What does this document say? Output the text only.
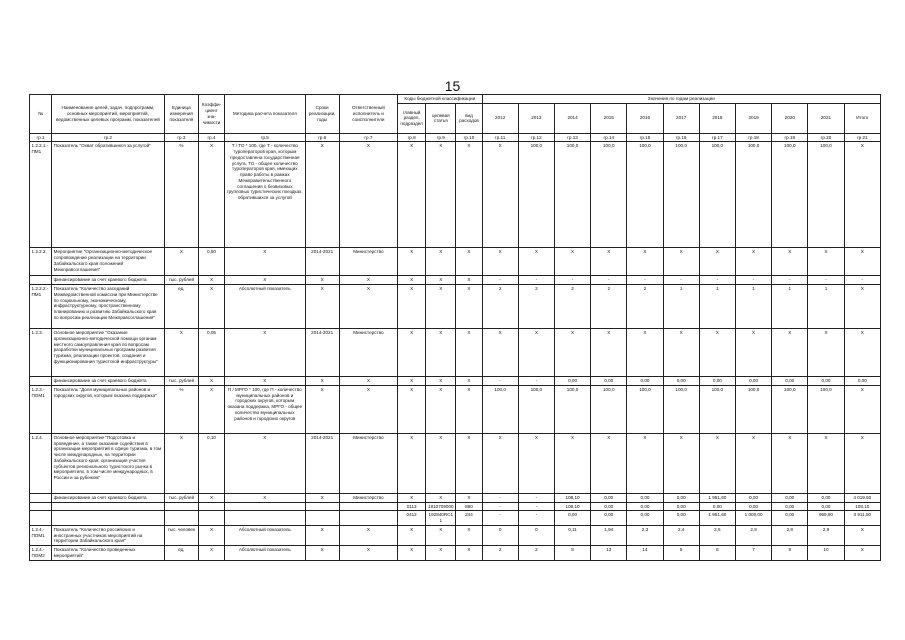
15
№	Наименование целей, задач, подпрограмм, основных мероприятий, мероприятий, ведомственных целевых программ, показателей	Единица измерения показателя	Коэффи-циент зна-чимости	Методика расчета показателя	Сроки реализации, годы	Ответственный исполнитель и соисполнители	Коды бюджетной классификации			Значения по годам реализации										
							главный раздел, подраздел	целевая статья	вид расходов	2012	2013	2014	2015	2016	2017	2018	2019	2020	2021	Итого
гр.1	гр.2	гр.3	гр.4	гр.5	гр.6	гр.7	гр.8	гр.9	гр.10	гр.11	гр.12	гр.13	гр.14	гр.15	гр.16	гр.17	гр.18	гр.19	гр.20	гр.21
1.2.2.1.-ПМ1	Показатель "Охват обратившихся за услугой"	%	X	T / ТО * 100, где Т - количество туроператоров края, которым предоставлена государственная услуга, ТО - общее количество туроператоров края, имеющих право работы в рамках Межправительственного соглашения о безвизовых групповых туристических поездках, обратившихся за услугой	X	X	X	X	X	X	100,0	100,0	100,0	100,0	100,0	100,0	100,0	100,0	100,0	X
1.2.2.2.	Мероприятие "Организационно-методическое сопровождение реализации на территории Забайкальского края положений Межправсоглашения"	X	0,50	X	2014-2021	Министерство	X	X	X	X	X	X	X	X	X	X	X	X	X	X
	финансирование за счет краевого бюджета	тыс. рублей	X	X	X	X	X	X	X	-	-	-	-	-	-	-	-	-	-	-
1.2.2.2.-ПМ1	Показатель "Количество заседаний Межведомственной комиссии при Министерстве по социальному, экономическому, инфраструктурному, пространственному планированию и развитию Забайкальского края по вопросам реализации Межправсоглашения"	ед.	X	Абсолютный показатель	X	X	X	X	X	2	2	2	2	2	1	1	1	1	1	X
1.2.3.	Основное мероприятие "Оказание организационно-методической помощи органам местного самоуправления края по вопросам разработки муниципальных программ развития туризма, реализации проектов, создания и функционирования туристской инфраструктуры"	X	0,05	X	2014-2021	Министерство	X	X	X	X	X	X	X	X	X	X	X	X	X	X
	финансирование за счет краевого бюджета	тыс. рублей	X	X	X	X	X	X	X	-	-	0,00	0,00	0,00	0,00	0,00	0,00	0,00	0,00	0,00
1.2.3.-ПОМ1	Показатель "Доля муниципальных районов и городских округов, которым оказана поддержка"	%	X	П / МРГО * 100, где П - количество муниципальных районов и городских округов, которым оказана поддержка, МРГО - общее количество муниципальных районов и городских округов	X	X	X	X	X	100,0	100,0	100,0	100,0	100,0	100,0	100,0	100,0	100,0	100,0	X
1.2.4.	Основное мероприятие "Подготовка и проведение, а также оказание содействия в организации мероприятий в сфере туризма, в том числе международных, на территории Забайкальского края; организация участия субъектов регионального туристского рынка в мероприятиях, в том числе международных, в России и за рубежом"	X	0,10	X	2014-2021	Министерство	X	X	X	X	X	X	X	X	X	X	X	X	X	X
	финансирование за счет краевого бюджета	тыс. рублей	X	X	X	Министерство	X	X	X	-	-	108,10	0,00	0,00	0,00	1 951,60	0,00	0,00	0,00	4 019,60
							0113	1910709000	880	-	-	108,10	0,00	0,00	0,00	0,00	0,00	0,00	0,00	108,10
							0412	192840RC11	244	-	-	0,00	0,00	0,00	0,00	1 951,60	1 000,00	0,00	959,90	3 911,50
1.2.4.-ПОМ1	Показатель "Количество российских и иностранных участников мероприятий на территории Забайкальского края"	тыс. человек	X	Абсолютный показатель	X	X	X	X	X	0	0	0,11	1,94	2,3	2,4	2,5	2,8	2,8	2,9	X
1.2.4.-ПОМ2	Показатель "Количество проведенных мероприятий"	ед.	X	Абсолютный показатель	X	X	X	X	X	2	2	8	13	14	5	6	7	9	10	X
